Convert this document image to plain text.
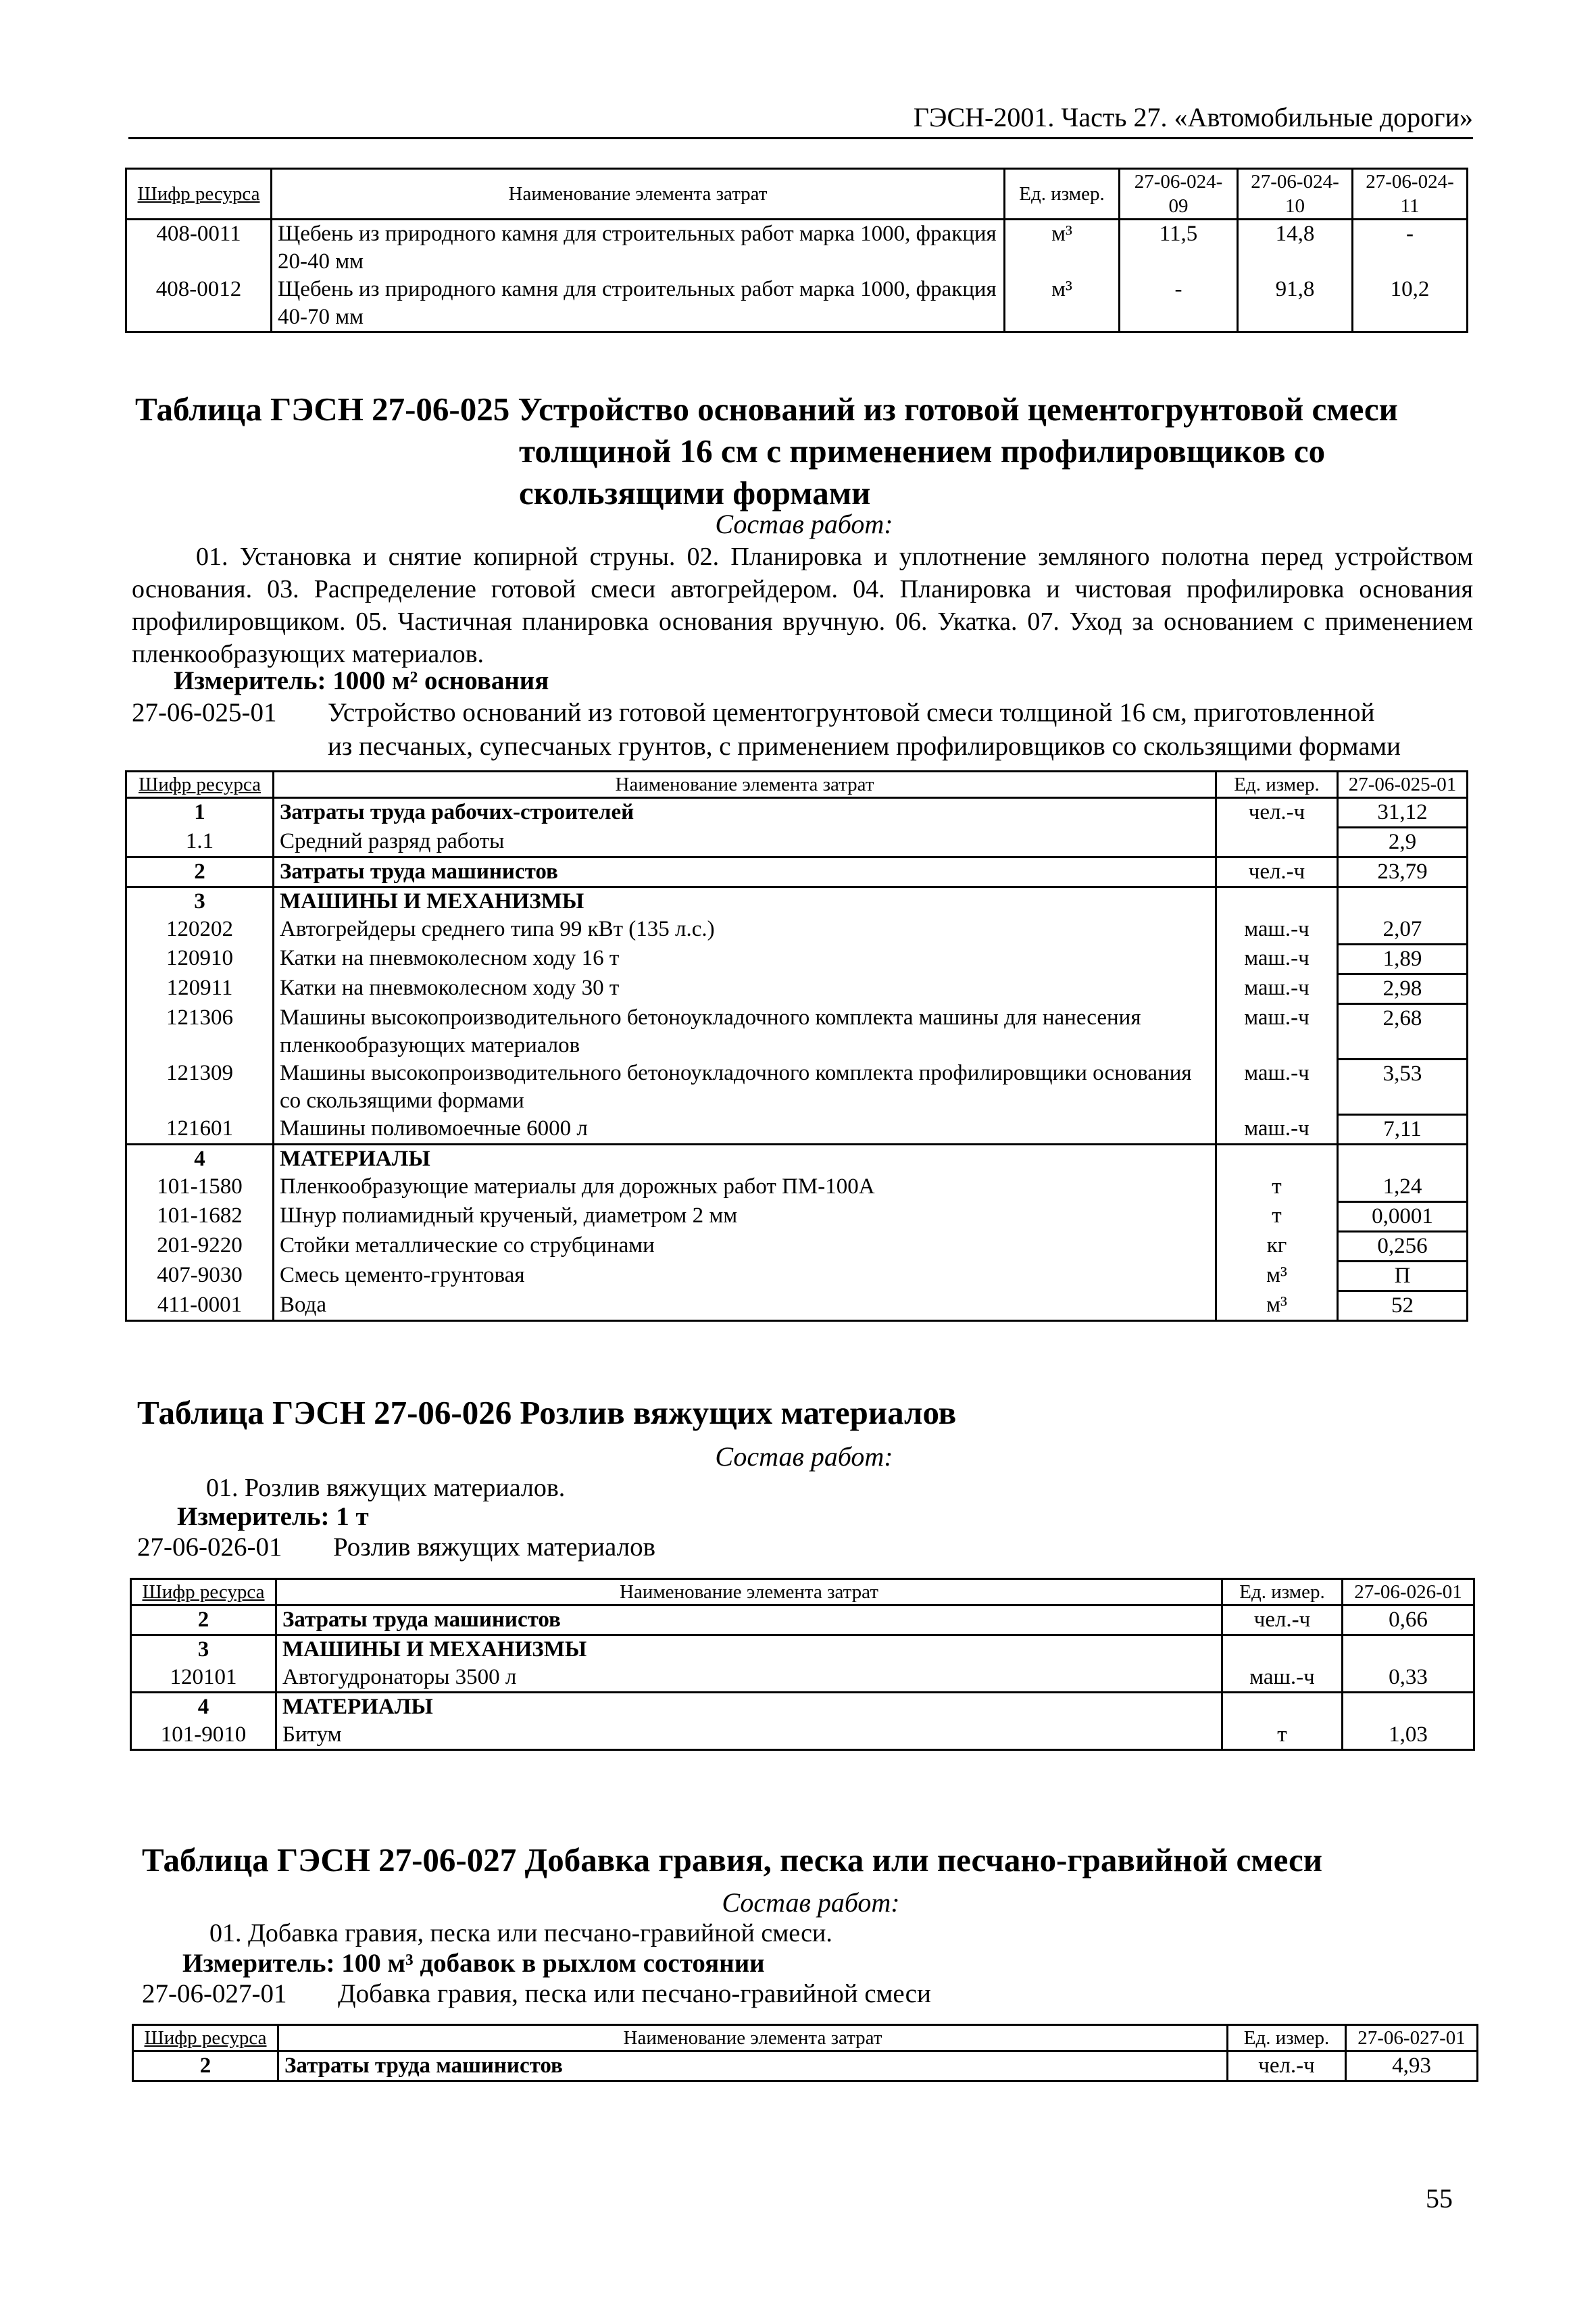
ГЭСН-2001. Часть 27. «Автомобильные дороги»
Шифр ресурса	Наименование элемента затрат	Ед. измер.	27-06-024-09	27-06-024-10	27-06-024-11
408-0011	Щебень из природного камня для строительных работ марка 1000, фракция 20-40 мм	м³	11,5	14,8	-
408-0012	Щебень из природного камня для строительных работ марка 1000, фракция 40-70 мм	м³	-	91,8	10,2
Таблица ГЭСН 27-06-025 Устройство оснований из готовой цементогрунтовой смеси
толщиной 16 см с применением профилировщиков со
скользящими формами
Состав работ:
01. Установка и снятие копирной струны. 02. Планировка и уплотнение земляного полотна перед устройством основания. 03. Распределение готовой смеси автогрейдером. 04. Планировка и чистовая профилировка основания профилировщиком. 05. Частичная планировка основания вручную. 06. Укатка. 07. Уход за основанием с применением пленкообразующих материалов.
Измеритель: 1000 м² основания
27-06-025-01 Устройство оснований из готовой цементогрунтовой смеси толщиной 16 см, приготовленной
из песчаных, супесчаных грунтов, с применением профилировщиков со скользящими формами
Шифр ресурса	Наименование элемента затрат	Ед. измер.	27-06-025-01
1	Затраты труда рабочих-строителей	чел.-ч	31,12
1.1	Средний разряд работы		2,9
2	Затраты труда машинистов	чел.-ч	23,79
3	МАШИНЫ И МЕХАНИЗМЫ		
120202	Автогрейдеры среднего типа 99 кВт (135 л.с.)	маш.-ч	2,07
120910	Катки на пневмоколесном ходу 16 т	маш.-ч	1,89
120911	Катки на пневмоколесном ходу 30 т	маш.-ч	2,98
121306	Машины высокопроизводительного бетоноукладочного комплекта машины для нанесения пленкообразующих материалов	маш.-ч	2,68
121309	Машины высокопроизводительного бетоноукладочного комплекта профилировщики основания со скользящими формами	маш.-ч	3,53
121601	Машины поливомоечные 6000 л	маш.-ч	7,11
4	МАТЕРИАЛЫ		
101-1580	Пленкообразующие материалы для дорожных работ ПМ-100А	т	1,24
101-1682	Шнур полиамидный крученый, диаметром 2 мм	т	0,0001
201-9220	Стойки металлические со струбцинами	кг	0,256
407-9030	Смесь цементо-грунтовая	м³	П
411-0001	Вода	м³	52
Таблица ГЭСН 27-06-026 Розлив вяжущих материалов
Состав работ:
01. Розлив вяжущих материалов.
Измеритель: 1 т
27-06-026-01 Розлив вяжущих материалов
Шифр ресурса	Наименование элемента затрат	Ед. измер.	27-06-026-01
2	Затраты труда машинистов	чел.-ч	0,66
3	МАШИНЫ И МЕХАНИЗМЫ		
120101	Автогудронаторы 3500 л	маш.-ч	0,33
4	МАТЕРИАЛЫ		
101-9010	Битум	т	1,03
Таблица ГЭСН 27-06-027 Добавка гравия, песка или песчано-гравийной смеси
Состав работ:
01. Добавка гравия, песка или песчано-гравийной смеси.
Измеритель: 100 м³ добавок в рыхлом состоянии
27-06-027-01 Добавка гравия, песка или песчано-гравийной смеси
Шифр ресурса	Наименование элемента затрат	Ед. измер.	27-06-027-01
2	Затраты труда машинистов	чел.-ч	4,93
55
